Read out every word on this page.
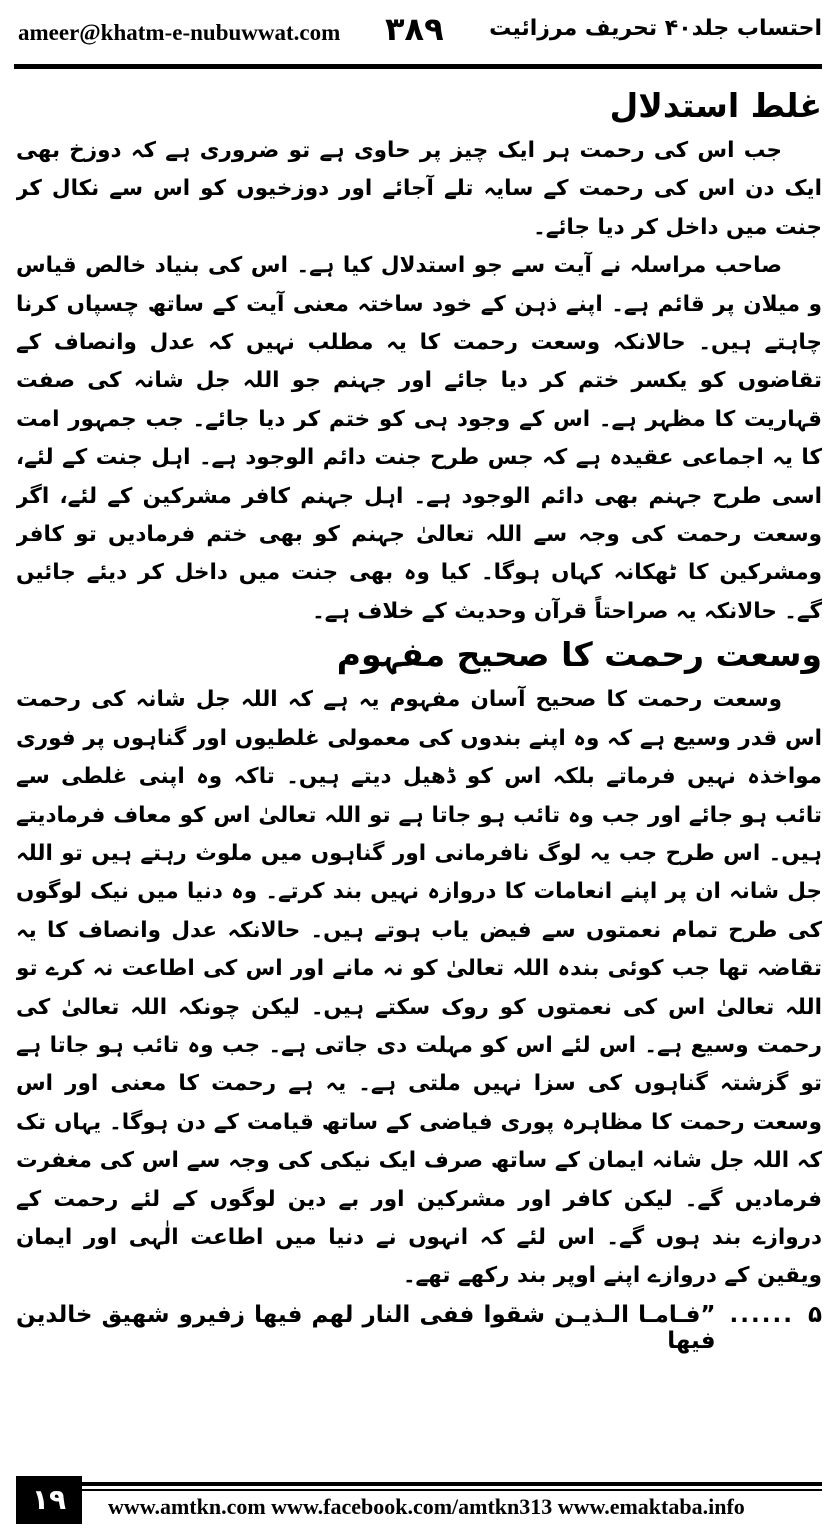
ameer@khatm-e-nubuwwat.com ۳۸۹ احتساب جلد۴۰ تحریف مرزائیت
غلط استدلال

جب اس کی رحمت ہر ایک چیز پر حاوی ہے تو ضروری ہے کہ دوزخ بھی ایک دن اس کی رحمت کے سایہ تلے آجائے اور دوزخیوں کو اس سے نکال کر جنت میں داخل کر دیا جائے۔

صاحب مراسلہ نے آیت سے جو استدلال کیا ہے۔ اس کی بنیاد خالص قیاس و میلان پر قائم ہے۔ اپنے ذہن کے خود ساختہ معنی آیت کے ساتھ چسپاں کرنا چاہتے ہیں۔ حالانکہ وسعت رحمت کا یہ مطلب نہیں کہ عدل وانصاف کے تقاضوں کو یکسر ختم کر دیا جائے اور جہنم جو اللہ جل شانہ کی صفت قہاریت کا مظہر ہے۔ اس کے وجود ہی کو ختم کر دیا جائے۔ جب جمہور امت کا یہ اجماعی عقیدہ ہے کہ جس طرح جنت دائم الوجود ہے۔ اہل جنت کے لئے، اسی طرح جہنم بھی دائم الوجود ہے۔ اہل جہنم کافر مشرکین کے لئے، اگر وسعت رحمت کی وجہ سے اللہ تعالیٰ جہنم کو بھی ختم فرمادیں تو کافر ومشرکین کا ٹھکانہ کہاں ہوگا۔ کیا وہ بھی جنت میں داخل کر دیئے جائیں گے۔ حالانکہ یہ صراحتاً قرآن وحدیث کے خلاف ہے۔

وسعت رحمت کا صحیح مفہوم

وسعت رحمت کا صحیح آسان مفہوم یہ ہے کہ اللہ جل شانہ کی رحمت اس قدر وسیع ہے کہ وہ اپنے بندوں کی معمولی غلطیوں اور گناہوں پر فوری مواخذہ نہیں فرماتے بلکہ اس کو ڈھیل دیتے ہیں۔ تاکہ وہ اپنی غلطی سے تائب ہو جائے اور جب وہ تائب ہو جاتا ہے تو اللہ تعالیٰ اس کو معاف فرمادیتے ہیں۔ اس طرح جب یہ لوگ نافرمانی اور گناہوں میں ملوث رہتے ہیں تو اللہ جل شانہ ان پر اپنے انعامات کا دروازہ نہیں بند کرتے۔ وہ دنیا میں نیک لوگوں کی طرح تمام نعمتوں سے فیض یاب ہوتے ہیں۔ حالانکہ عدل وانصاف کا یہ تقاضہ تھا جب کوئی بندہ اللہ تعالیٰ کو نہ مانے اور اس کی اطاعت نہ کرے تو اللہ تعالیٰ اس کی نعمتوں کو روک سکتے ہیں۔ لیکن چونکہ اللہ تعالیٰ کی رحمت وسیع ہے۔ اس لئے اس کو مہلت دی جاتی ہے۔ جب وہ تائب ہو جاتا ہے تو گزشتہ گناہوں کی سزا نہیں ملتی ہے۔ یہ ہے رحمت کا معنی اور اس وسعت رحمت کا مظاہرہ پوری فیاضی کے ساتھ قیامت کے دن ہوگا۔ یہاں تک کہ اللہ جل شانہ ایمان کے ساتھ صرف ایک نیکی کی وجہ سے اس کی مغفرت فرمادیں گے۔ لیکن کافر اور مشرکین اور بے دین لوگوں کے لئے رحمت کے دروازے بند ہوں گے۔ اس لئے کہ انہوں نے دنیا میں اطاعت الٰہی اور ایمان ویقین کے دروازے اپنے اوپر بند رکھے تھے۔

۵
......
”فـامـا الـذيـن شقوا ففى النار لهم فيها زفيرو شهيق خالدين فيها
۱۹	www.amtkn.com www.facebook.com/amtkn313 www.emaktaba.info
